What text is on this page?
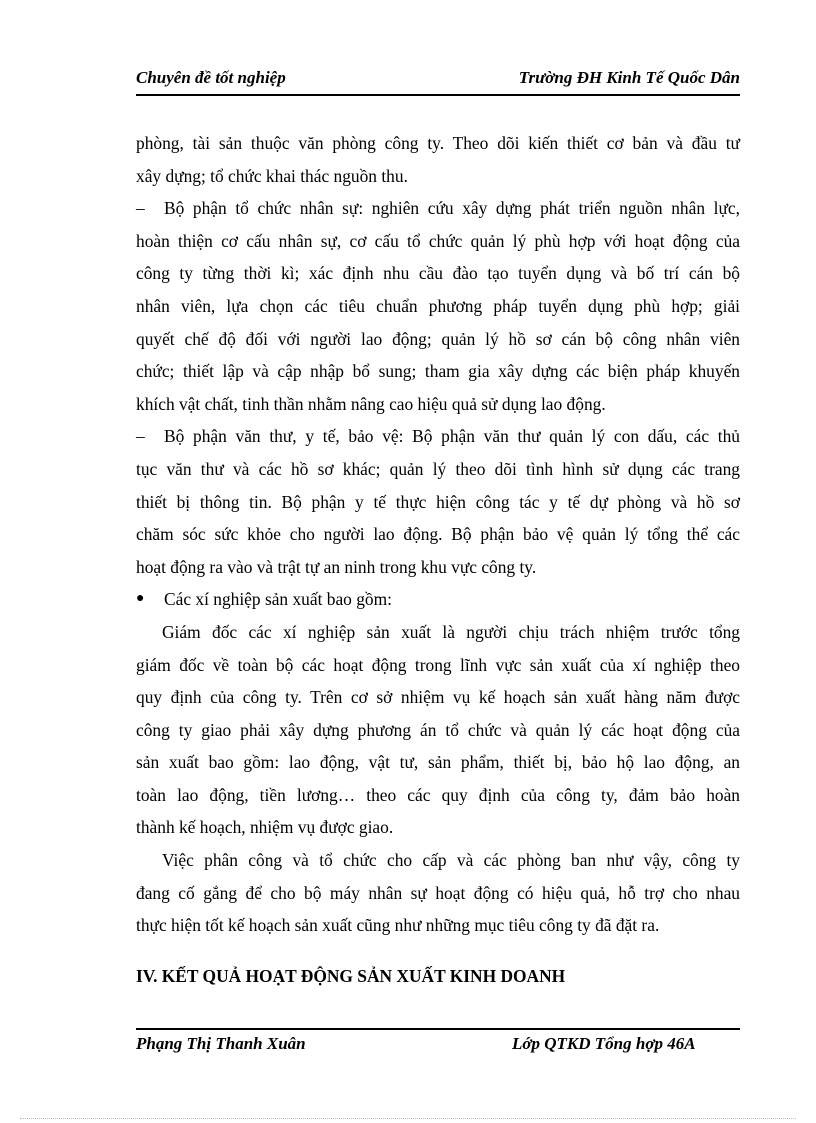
Chuyên đề tốt nghiệp	Trường ĐH Kinh Tế Quốc Dân
phòng, tài sản thuộc văn phòng công ty. Theo dõi kiến thiết cơ bản và đầu tư
xây dựng; tổ chức khai thác nguồn thu.
– Bộ phận tổ chức nhân sự: nghiên cứu xây dựng phát triển nguồn nhân lực,
hoàn thiện cơ cấu nhân sự, cơ cấu tổ chức quản lý phù hợp với hoạt động của
công ty từng thời kì; xác định nhu cầu đào tạo tuyển dụng và bố trí cán bộ
nhân viên, lựa chọn các tiêu chuẩn phương pháp tuyển dụng phù hợp; giải
quyết chế độ đối với người lao động; quản lý hồ sơ cán bộ công nhân viên
chức; thiết lập và cập nhập bổ sung; tham gia xây dựng các biện pháp khuyến
khích vật chất, tinh thần nhằm nâng cao hiệu quả sử dụng lao động.
– Bộ phận văn thư, y tế, bảo vệ: Bộ phận văn thư quản lý con dấu, các thủ
tục văn thư và các hồ sơ khác; quản lý theo dõi tình hình sử dụng các trang
thiết bị thông tin. Bộ phận y tế thực hiện công tác y tế dự phòng và hồ sơ
chăm sóc sức khỏe cho người lao động. Bộ phận bảo vệ quản lý tổng thể các
hoạt động ra vào và trật tự an ninh trong khu vực công ty.
● Các xí nghiệp sản xuất bao gồm:
Giám đốc các xí nghiệp sản xuất là người chịu trách nhiệm trước tổng
giám đốc về toàn bộ các hoạt động trong lĩnh vực sản xuất của xí nghiệp theo
quy định của công ty. Trên cơ sở nhiệm vụ kế hoạch sản xuất hàng năm được
công ty giao phải xây dựng phương án tổ chức và quản lý các hoạt động của
sản xuất bao gồm: lao động, vật tư, sản phẩm, thiết bị, bảo hộ lao động, an
toàn lao động, tiền lương… theo các quy định của công ty, đảm bảo hoàn
thành kế hoạch, nhiệm vụ được giao.
Việc phân công và tổ chức cho cấp và các phòng ban như vậy, công ty
đang cố gắng để cho bộ máy nhân sự hoạt động có hiệu quả, hỗ trợ cho nhau
thực hiện tốt kế hoạch sản xuất cũng như những mục tiêu công ty đã đặt ra.
IV. KẾT QUẢ HOẠT ĐỘNG SẢN XUẤT KINH DOANH
Phạng Thị Thanh Xuân	Lớp QTKD Tổng hợp 46A
